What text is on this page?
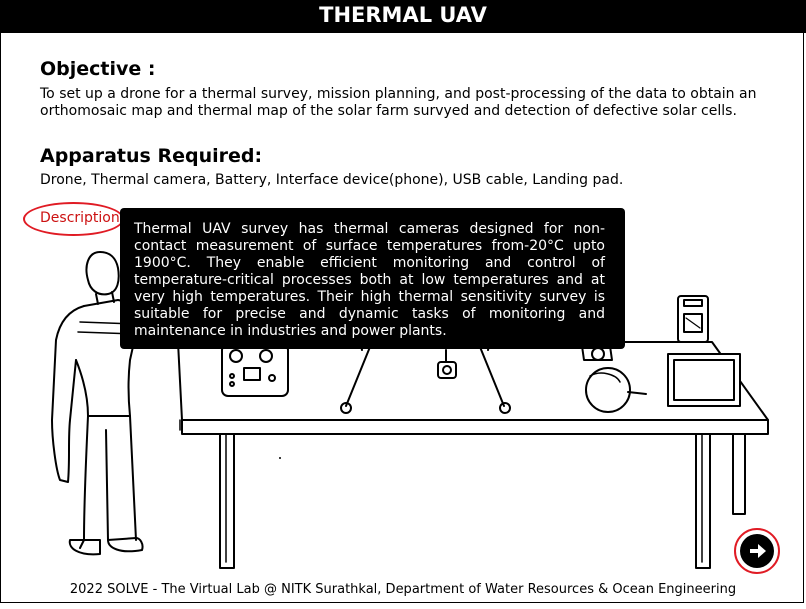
THERMAL UAV
Objective :
To set up a drone for a thermal survey, mission planning, and post-processing of the data to obtain an
orthomosaic map and thermal map of the solar farm survyed and detection of defective solar cells.
Apparatus Required:
Drone, Thermal camera, Battery, Interface device(phone), USB cable, Landing pad.
Description
Thermal UAV survey has thermal cameras designed for non-
contact measurement of surface temperatures from-20°C upto
1900°C. They enable efficient monitoring and control of
temperature-critical processes both at low temperatures and at
very high temperatures. Their high thermal sensitivity survey is
suitable for precise and dynamic tasks of monitoring and
maintenance in industries and power plants.
2022 SOLVE - The Virtual Lab @ NITK Surathkal, Department of Water Resources & Ocean Engineering
